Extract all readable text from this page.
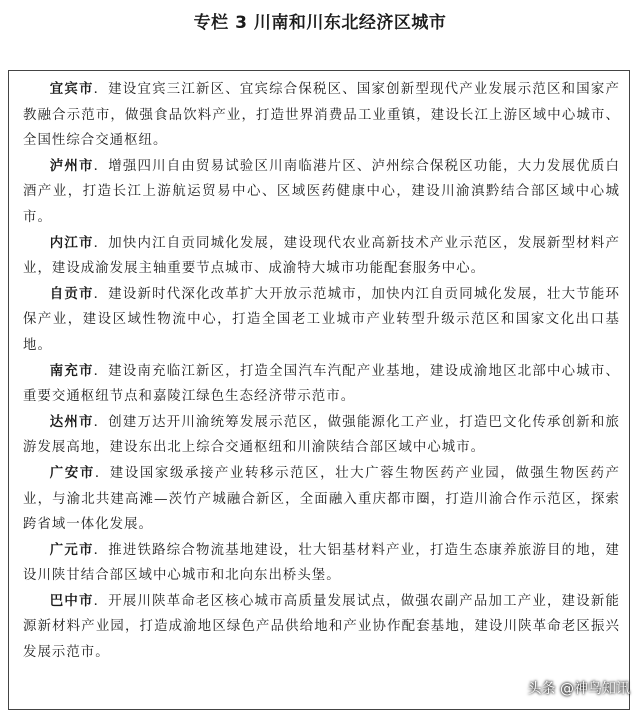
专栏 3 川南和川东北经济区城市

宜宾市．建设宜宾三江新区、宜宾综合保税区、国家创新型现代产业发展示范区和国家产教融合示范市，做强食品饮料产业，打造世界消费品工业重镇，建设长江上游区域中心城市、全国性综合交通枢纽。

泸州市．增强四川自由贸易试验区川南临港片区、泸州综合保税区功能，大力发展优质白酒产业，打造长江上游航运贸易中心、区域医药健康中心，建设川渝滇黔结合部区域中心城市。

内江市．加快内江自贡同城化发展，建设现代农业高新技术产业示范区，发展新型材料产业，建设成渝发展主轴重要节点城市、成渝特大城市功能配套服务中心。

自贡市．建设新时代深化改革扩大开放示范城市，加快内江自贡同城化发展，壮大节能环保产业，建设区域性物流中心，打造全国老工业城市产业转型升级示范区和国家文化出口基地。

南充市．建设南充临江新区，打造全国汽车汽配产业基地，建设成渝地区北部中心城市、重要交通枢纽节点和嘉陵江绿色生态经济带示范市。

达州市．创建万达开川渝统筹发展示范区，做强能源化工产业，打造巴文化传承创新和旅游发展高地，建设东出北上综合交通枢纽和川渝陕结合部区域中心城市。

广安市．建设国家级承接产业转移示范区，壮大广蓉生物医药产业园，做强生物医药产业，与渝北共建高滩—茨竹产城融合新区，全面融入重庆都市圈，打造川渝合作示范区，探索跨省域一体化发展。

广元市．推进铁路综合物流基地建设，壮大铝基材料产业，打造生态康养旅游目的地，建设川陕甘结合部区域中心城市和北向东出桥头堡。

巴中市．开展川陕革命老区核心城市高质量发展试点，做强农副产品加工产业，建设新能源新材料产业园，打造成渝地区绿色产品供给地和产业协作配套基地，建设川陕革命老区振兴发展示范市。

头条 @神鸟知讯
